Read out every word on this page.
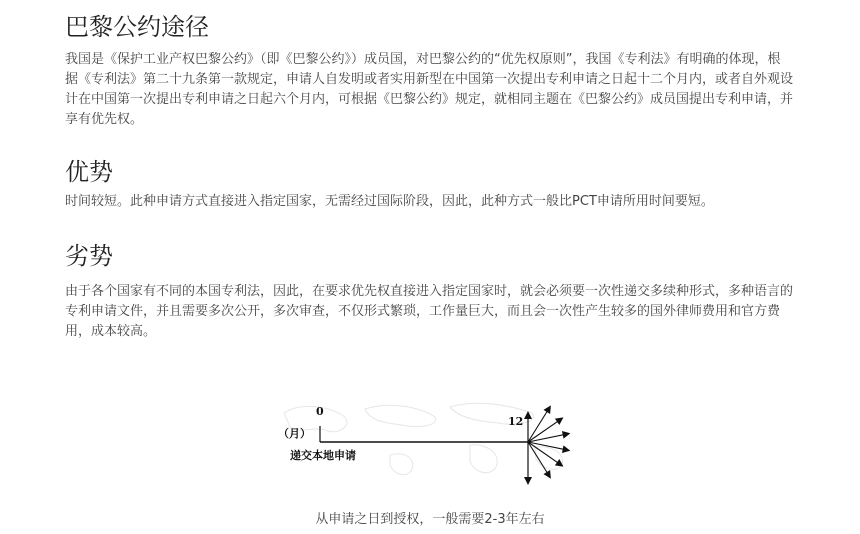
巴黎公约途径

我国是《保护工业产权巴黎公约》（即《巴黎公约》）成员国，对巴黎公约的“优先权原则”，我国《专利法》有明确的体现，根据《专利法》第二十九条第一款规定，申请人自发明或者实用新型在中国第一次提出专利申请之日起十二个月内，或者自外观设计在中国第一次提出专利申请之日起六个月内，可根据《巴黎公约》规定，就相同主题在《巴黎公约》成员国提出专利申请，并享有优先权。

优势

时间较短。此种申请方式直接进入指定国家，无需经过国际阶段，因此，此种方式一般比PCT申请所用时间要短。

劣势

由于各个国家有不同的本国专利法，因此，在要求优先权直接进入指定国家时，就会必须要一次性递交多续种形式，多种语言的专利申请文件，并且需要多次公开，多次审查，不仅形式繁琐，工作量巨大，而且会一次性产生较多的国外律师费用和官方费用，成本较高。

0
12
（月）
递交本地申请
从申请之日到授权，一般需要2-3年左右
